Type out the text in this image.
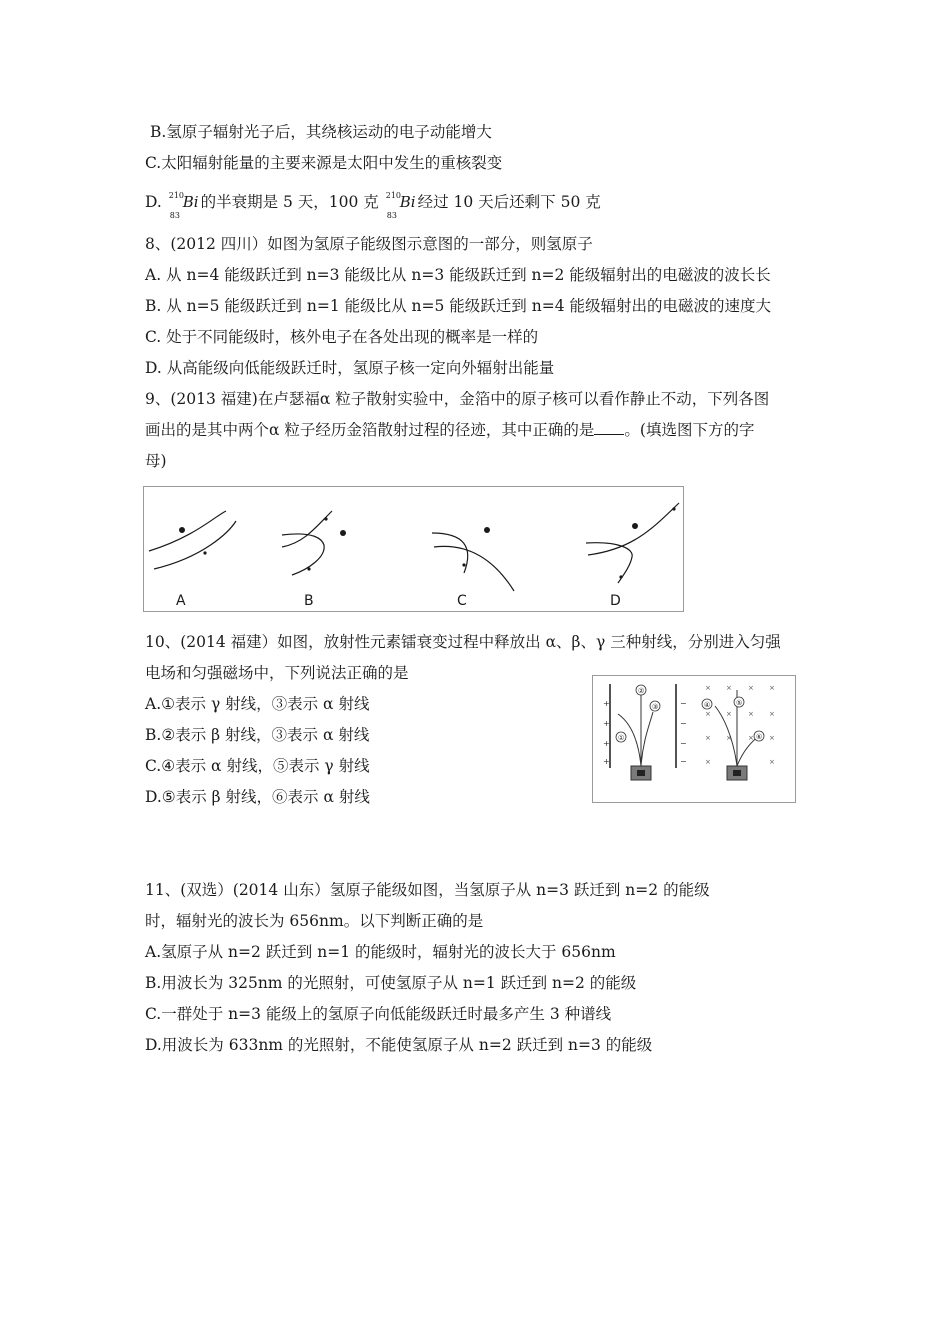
B.氢原子辐射光子后，其绕核运动的电子动能增大
C.太阳辐射能量的主要来源是太阳中发生的重核裂变
D. 210
83
Bi 的半衰期是 5 天，100 克 210
83
Bi 经过 10 天后还剩下 50 克
8、(2012 四川）如图为氢原子能级图示意图的一部分，则氢原子
A. 从 n=4 能级跃迁到 n=3 能级比从 n=3 能级跃迁到 n=2 能级辐射出的电磁波的波长长
B. 从 n=5 能级跃迁到 n=1 能级比从 n=5 能级跃迁到 n=4 能级辐射出的电磁波的速度大
C. 处于不同能级时，核外电子在各处出现的概率是一样的
D. 从高能级向低能级跃迁时，氢原子核一定向外辐射出能量
9、(2013 福建)在卢瑟福α 粒子散射实验中，金箔中的原子核可以看作静止不动，下列各图
画出的是其中两个α 粒子经历金箔散射过程的径迹，其中正确的是 。(填选图下方的字
母)
A	B	C	D
10、(2014 福建）如图，放射性元素镭衰变过程中释放出 α、β、γ 三种射线，分别进入匀强
电场和匀强磁场中，下列说法正确的是
A.①表示 γ 射线，③表示 α 射线
B.②表示 β 射线，③表示 α 射线
C.④表示 α 射线，⑤表示 γ 射线
D.⑤表示 β 射线，⑥表示 α 射线
+
+
+
+
−
−
−
−
× × × ×
× × × ×
× × × ×
×	×
①
②
③	④	⑤
⑥
11、(双选）(2014 山东）氢原子能级如图，当氢原子从 n=3 跃迁到 n=2 的能级
时，辐射光的波长为 656nm。以下判断正确的是
A.氢原子从 n=2 跃迁到 n=1 的能级时，辐射光的波长大于 656nm
B.用波长为 325nm 的光照射，可使氢原子从 n=1 跃迁到 n=2 的能级
C.一群处于 n=3 能级上的氢原子向低能级跃迁时最多产生 3 种谱线
D.用波长为 633nm 的光照射，不能使氢原子从 n=2 跃迁到 n=3 的能级
